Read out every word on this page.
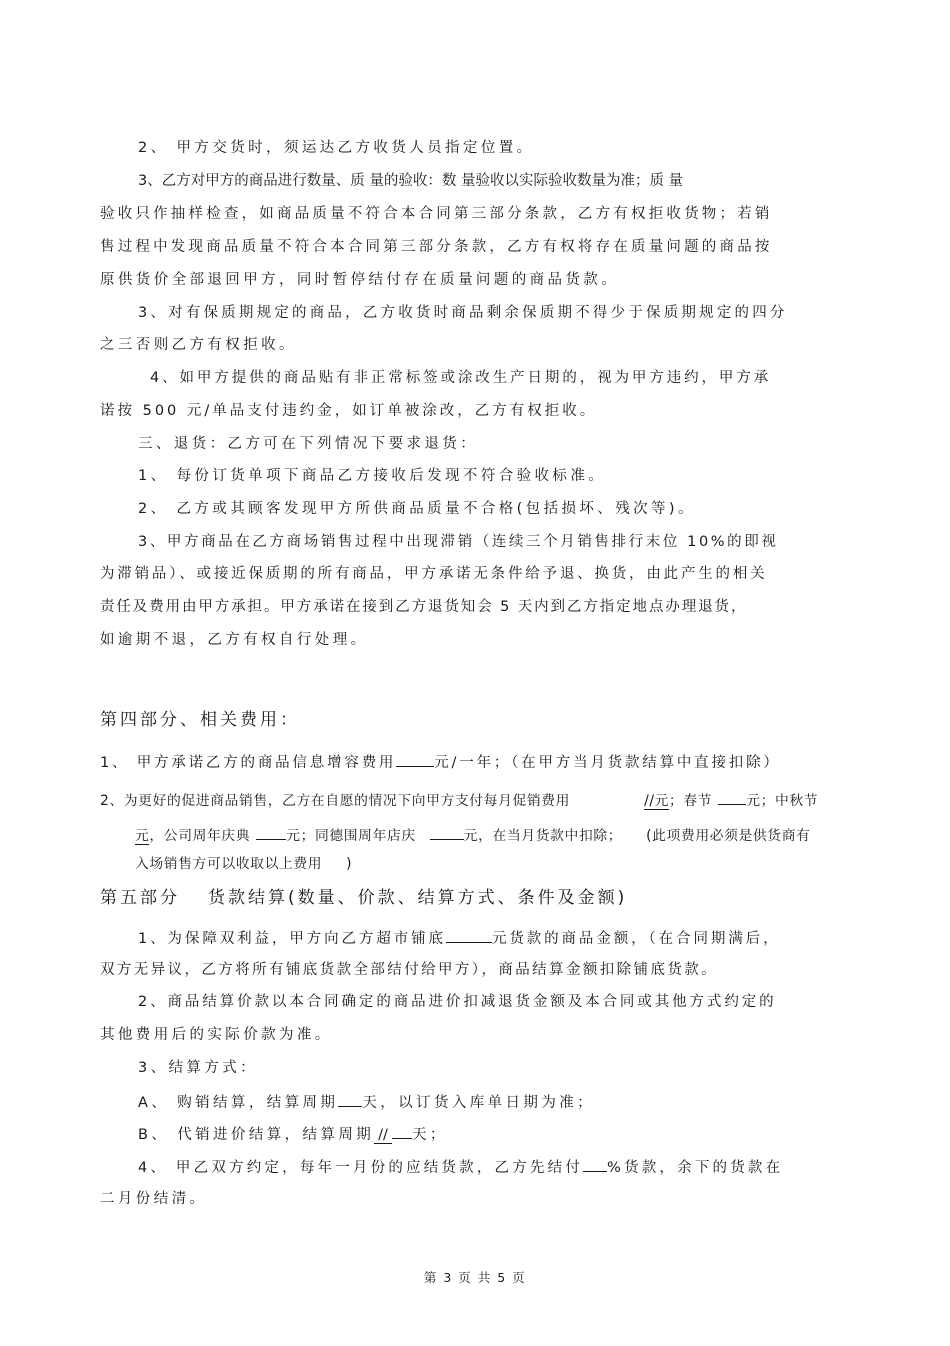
2、 甲方交货时，须运达乙方收货人员指定位置。
3、乙方对甲方的商品进行数量、质 量的验收：数 量验收以实际验收数量为准；质 量
验收只作抽样检查，如商品质量不符合本合同第三部分条款，乙方有权拒收货物；若销
售过程中发现商品质量不符合本合同第三部分条款，乙方有权将存在质量问题的商品按
原供货价全部退回甲方，同时暂停结付存在质量问题的商品货款。
3、对有保质期规定的商品，乙方收货时商品剩余保质期不得少于保质期规定的四分
之三否则乙方有权拒收。
4、如甲方提供的商品贴有非正常标签或涂改生产日期的，视为甲方违约，甲方承
诺按 500 元/单品支付违约金，如订单被涂改，乙方有权拒收。
三、退货：乙方可在下列情况下要求退货：
1、 每份订货单项下商品乙方接收后发现不符合验收标准。
2、 乙方或其顾客发现甲方所供商品质量不合格(包括损坏、残次等)。
3、甲方商品在乙方商场销售过程中出现滞销（连续三个月销售排行末位 10%的即视
为滞销品）、或接近保质期的所有商品，甲方承诺无条件给予退、换货，由此产生的相关
责任及费用由甲方承担。甲方承诺在接到乙方退货知会 5 天内到乙方指定地点办理退货，
如逾期不退，乙方有权自行处理。
第四部分、相关费用：
1、 甲方承诺乙方的商品信息增容费用	元/一年；（在甲方当月货款结算中直接扣除）
2、为更好的促进商品销售，乙方在自愿的情况下向甲方支付每月促销费用	//元；春节 元；中秋节
元，公司周年庆典	元；同德围周年店庆	元，在当月货款中扣除； (此项费用必须是供货商有
入场销售方可以收取以上费用 )
第五部分 货款结算(数量、价款、结算方式、条件及金额)
1、为保障双利益，甲方向乙方超市铺底	元货款的商品金额，（在合同期满后，
双方无异议，乙方将所有铺底货款全部结付给甲方），商品结算金额扣除铺底货款。
2、商品结算价款以本合同确定的商品进价扣减退货金额及本合同或其他方式约定的
其他费用后的实际价款为准。
3、结算方式：
A、 购销结算，结算周期 天，以订货入库单日期为准；
B、 代销进价结算，结算周期 // 天；
4、 甲乙双方约定，每年一月份的应结货款，乙方先结付 %货款，余下的货款在
二月份结清。
第 3 页 共 5 页
